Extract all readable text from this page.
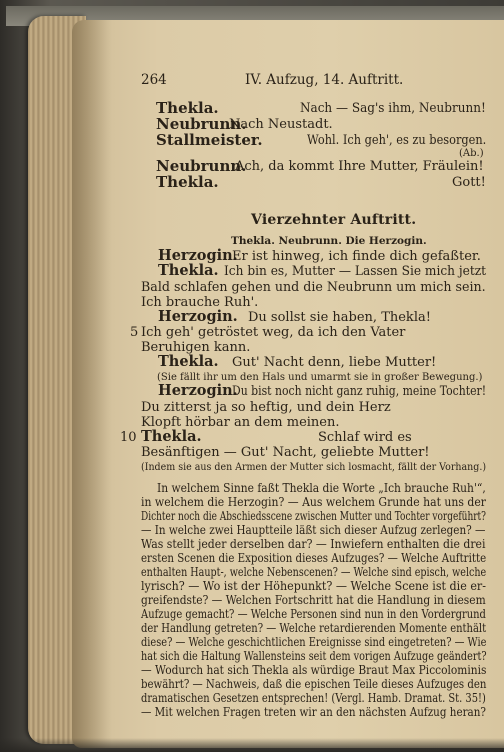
264	IV. Aufzug, 14. Auftritt.
Thekla.	Nach — Sag's ihm, Neubrunn!
Neubrunn.
Nach Neustadt.
Stallmeister.	Wohl. Ich geh', es zu besorgen.
(Ab.)
Neubrunn.
Ach, da kommt Ihre Mutter, Fräulein!
Thekla.	Gott!
Vierzehnter Auftritt.
Thekla. Neubrunn. Die Herzogin.
Herzogin.
Er ist hinweg, ich finde dich gefaßter.
Thekla. Ich bin es, Mutter — Lassen Sie mich jetzt
Bald schlafen gehen und die Neubrunn um mich sein.
Ich brauche Ruh'.
Herzogin. Du sollst sie haben, Thekla!
5 Ich geh' getröstet weg, da ich den Vater
Beruhigen kann.
Thekla. Gut' Nacht denn, liebe Mutter!
(Sie fällt ihr um den Hals und umarmt sie in großer Bewegung.)
Herzogin.
Du bist noch nicht ganz ruhig, meine Tochter!
Du zitterst ja so heftig, und dein Herz
Klopft hörbar an dem meinen.
10 Thekla.	Schlaf wird es
Besänftigen — Gut' Nacht, geliebte Mutter!
(Indem sie aus den Armen der Mutter sich losmacht, fällt der Vorhang.)
In welchem Sinne faßt Thekla die Worte „Ich brauche Ruh'“,
in welchem die Herzogin? — Aus welchem Grunde hat uns der
Dichter noch die Abschiedsscene zwischen Mutter und Tochter vorgeführt?
— In welche zwei Hauptteile läßt sich dieser Aufzug zerlegen? —
Was stellt jeder derselben dar? — Inwiefern enthalten die drei
ersten Scenen die Exposition dieses Aufzuges? — Welche Auftritte
enthalten Haupt-, welche Nebenscenen? — Welche sind episch, welche
lyrisch? — Wo ist der Höhepunkt? — Welche Scene ist die er-
greifendste? — Welchen Fortschritt hat die Handlung in diesem
Aufzuge gemacht? — Welche Personen sind nun in den Vordergrund
der Handlung getreten? — Welche retardierenden Momente enthält
diese? — Welche geschichtlichen Ereignisse sind eingetreten? — Wie
hat sich die Haltung Wallensteins seit dem vorigen Aufzuge geändert?
— Wodurch hat sich Thekla als würdige Braut Max Piccolominis
bewährt? — Nachweis, daß die epischen Teile dieses Aufzuges den
dramatischen Gesetzen entsprechen! (Vergl. Hamb. Dramat. St. 35!)
— Mit welchen Fragen treten wir an den nächsten Aufzug heran?
